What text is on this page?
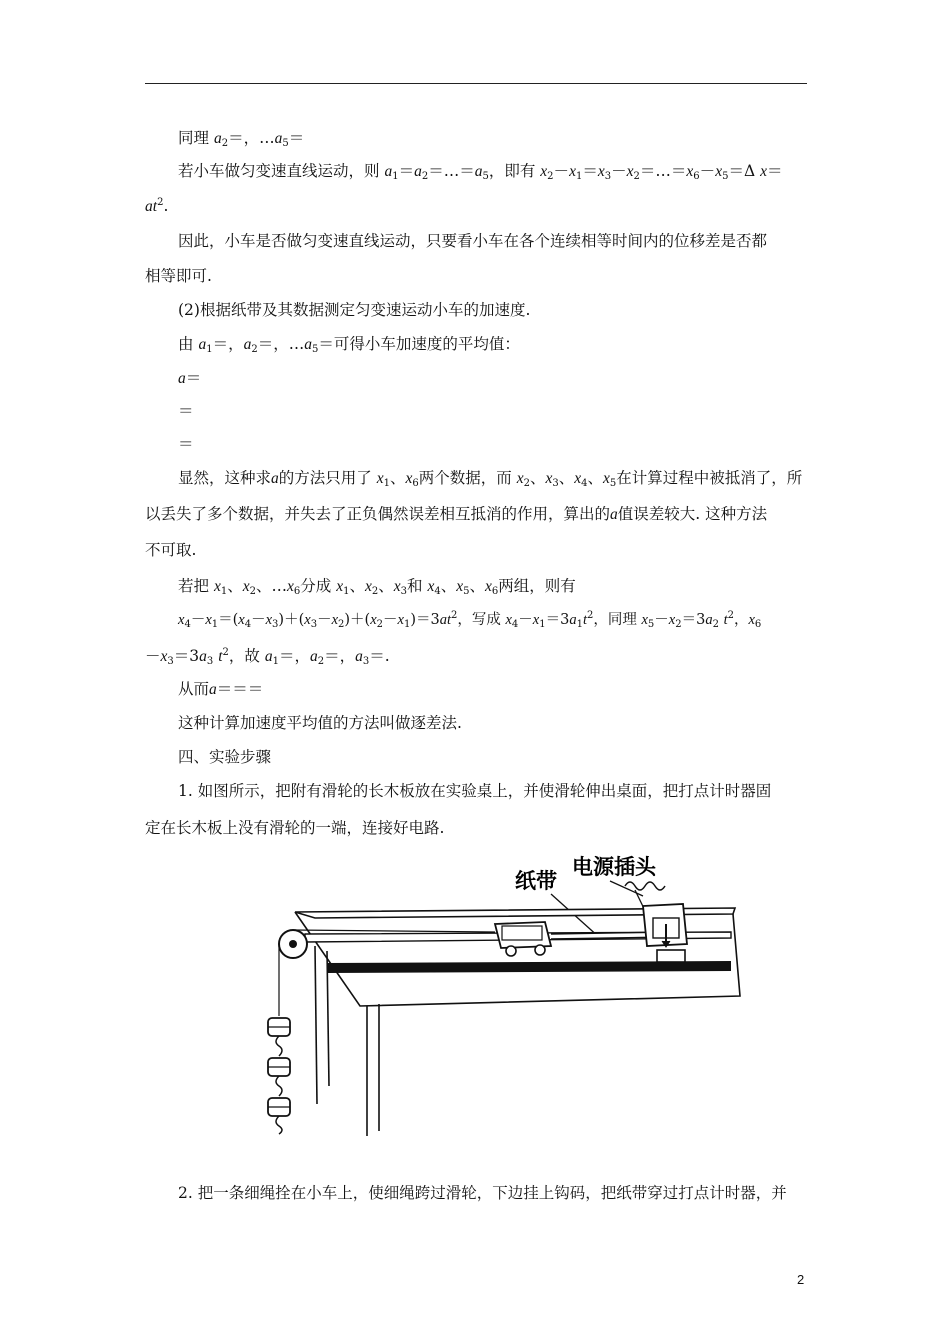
同理 $a_2=$，$\dots a_5=$
若小车做匀变速直线运动，则 $a_1=a_2=\dots=a_5$，即有 $x_2-x_1=x_3-x_2=\dots=x_6-x_5=\Delta$ x＝
$at^2$.
因此，小车是否做匀变速直线运动，只要看小车在各个连续相等时间内的位移差是否都
相等即可.
(2)根据纸带及其数据测定匀变速运动小车的加速度.
由 $a_1=$，$a_2=$，$\dots a_5=$可得小车加速度的平均值：
a＝
＝
＝
显然，这种求a的方法只用了 $x_1$、$x_6$两个数据，而 $x_2$、$x_3$、$x_4$、$x_5$在计算过程中被抵消了，所
以丢失了多个数据，并失去了正负偶然误差相互抵消的作用，算出的a值误差较大. 这种方法
不可取.
若把 $x_1$、$x_2$、$\dots x_6$分成 $x_1$、$x_2$、$x_3$和 $x_4$、$x_5$、$x_6$两组，则有
$x_4-x_1=(x_4-x_3)+(x_3-x_2)+(x_2-x_1)=3at^2$，写成 $x_4-x_1=3a_1t^2$，同理 $x_5-x_2=3a_2$ $t^2$，$x_6$
$-x_3=3a_3$ $t^2$，故 $a_1=$，$a_2=$，$a_3=$.
从而a＝＝＝
这种计算加速度平均值的方法叫做逐差法.
四、实验步骤
1. 如图所示，把附有滑轮的长木板放在实验桌上，并使滑轮伸出桌面，把打点计时器固
定在长木板上没有滑轮的一端，连接好电路.
纸带
电源插头
2. 把一条细绳拴在小车上，使细绳跨过滑轮，下边挂上钩码，把纸带穿过打点计时器，并
2
